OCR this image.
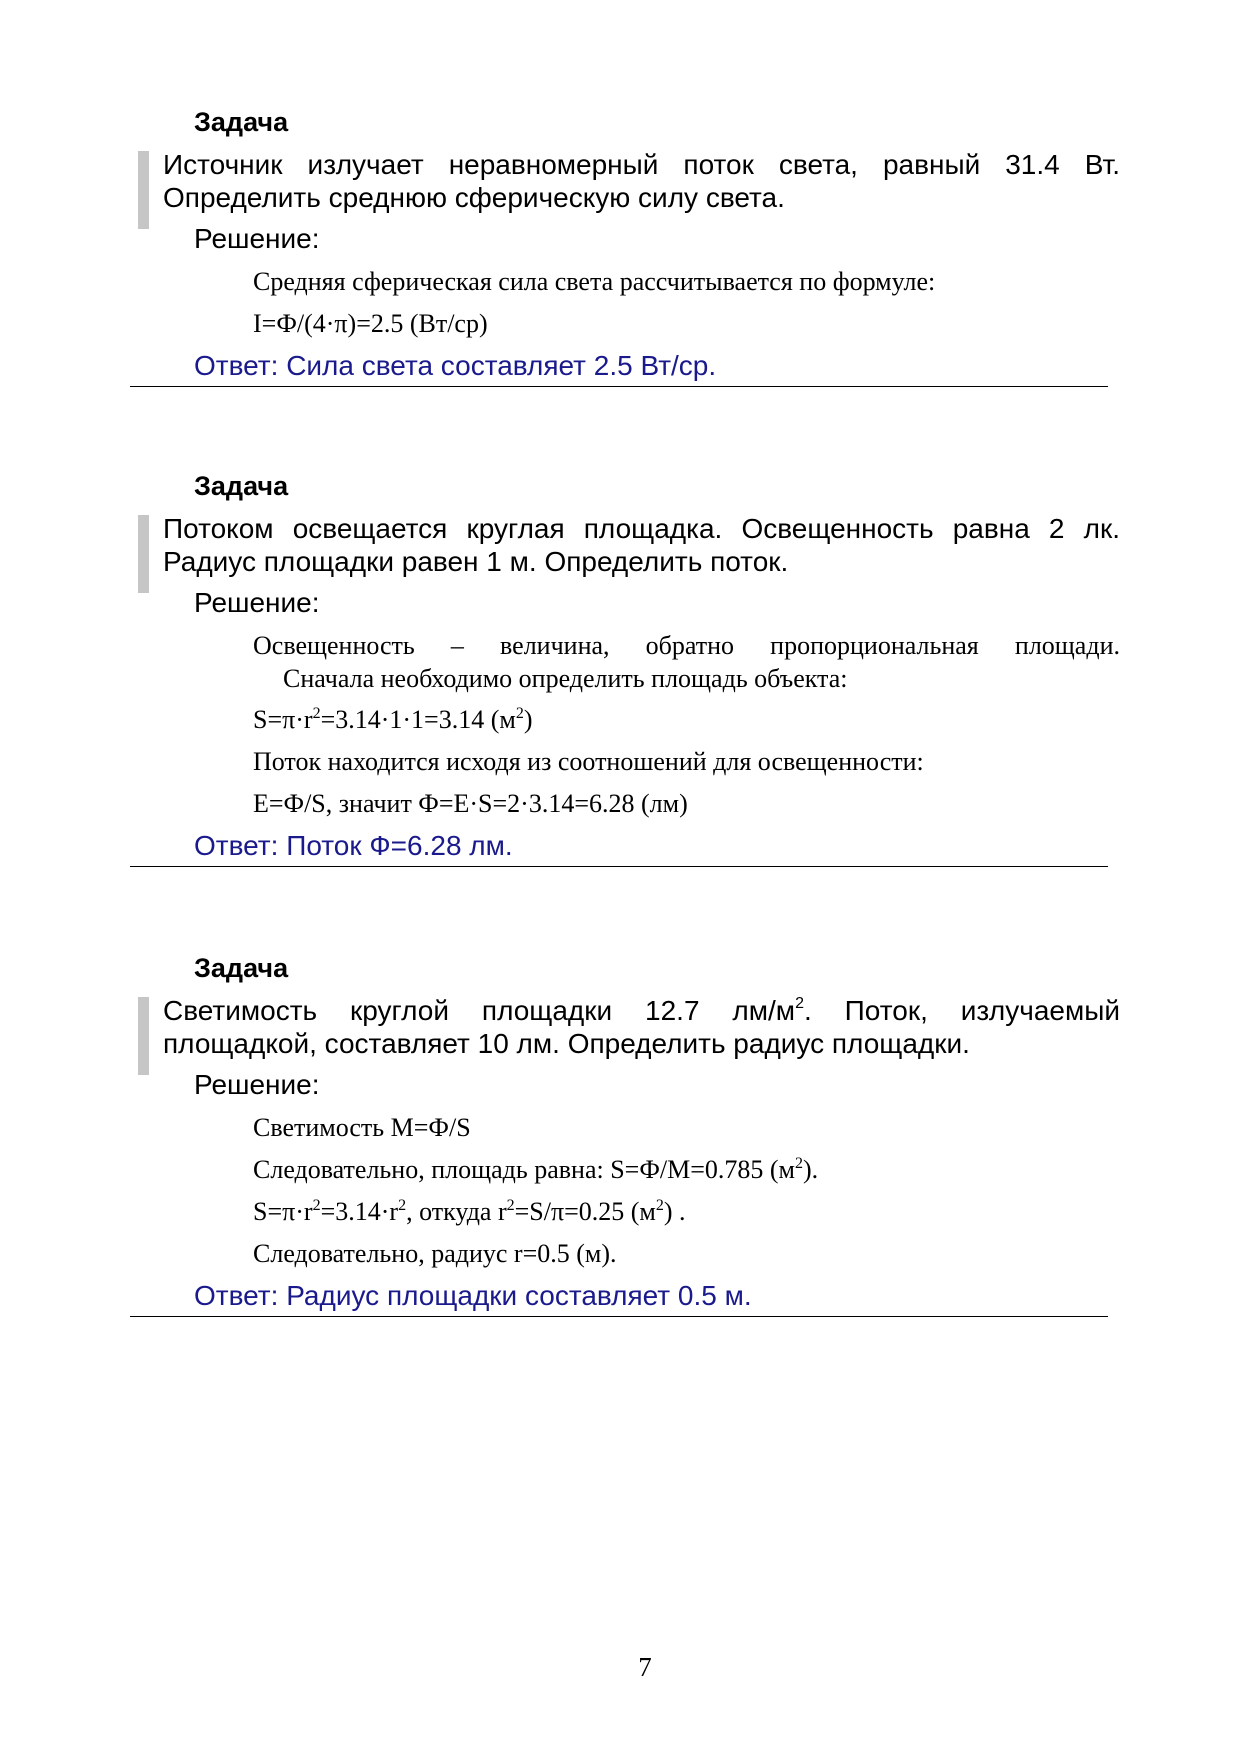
Задача
Источник излучает неравномерный поток света, равный 31.4 Вт. Определить среднюю сферическую силу света.
Решение:
Средняя сферическая сила света рассчитывается по формуле:
I=Ф/(4·π)=2.5 (Вт/ср)
Ответ: Сила света составляет 2.5 Вт/ср.
Задача
Потоком освещается круглая площадка. Освещенность равна 2 лк. Радиус площадки равен 1 м. Определить поток.
Решение:
Освещенность – величина, обратно пропорциональная площади.
Сначала необходимо определить площадь объекта:
$S=\pi\cdot r^2=3.14\cdot 1\cdot 1=3.14$ $(м^2)$
Поток находится исходя из соотношений для освещенности:
E=Ф/S, значит Ф=E·S=2·3.14=6.28 (лм)
Ответ: Поток Ф=6.28 лм.
Задача
Светимость круглой площадки 12.7 $лм/м^2$. Поток, излучаемый площадкой, составляет 10 лм. Определить радиус площадки.
Решение:
Светимость M=Ф/S
Следовательно, площадь равна: S=Ф/M=0.785 $(м^2)$.
$S=\pi\cdot r^2=3.14\cdot r^2$, откуда $r^2=S/\pi=0.25$ $(м^2)$ .
Следовательно, радиус r=0.5 (м).
Ответ: Радиус площадки составляет 0.5 м.
7
